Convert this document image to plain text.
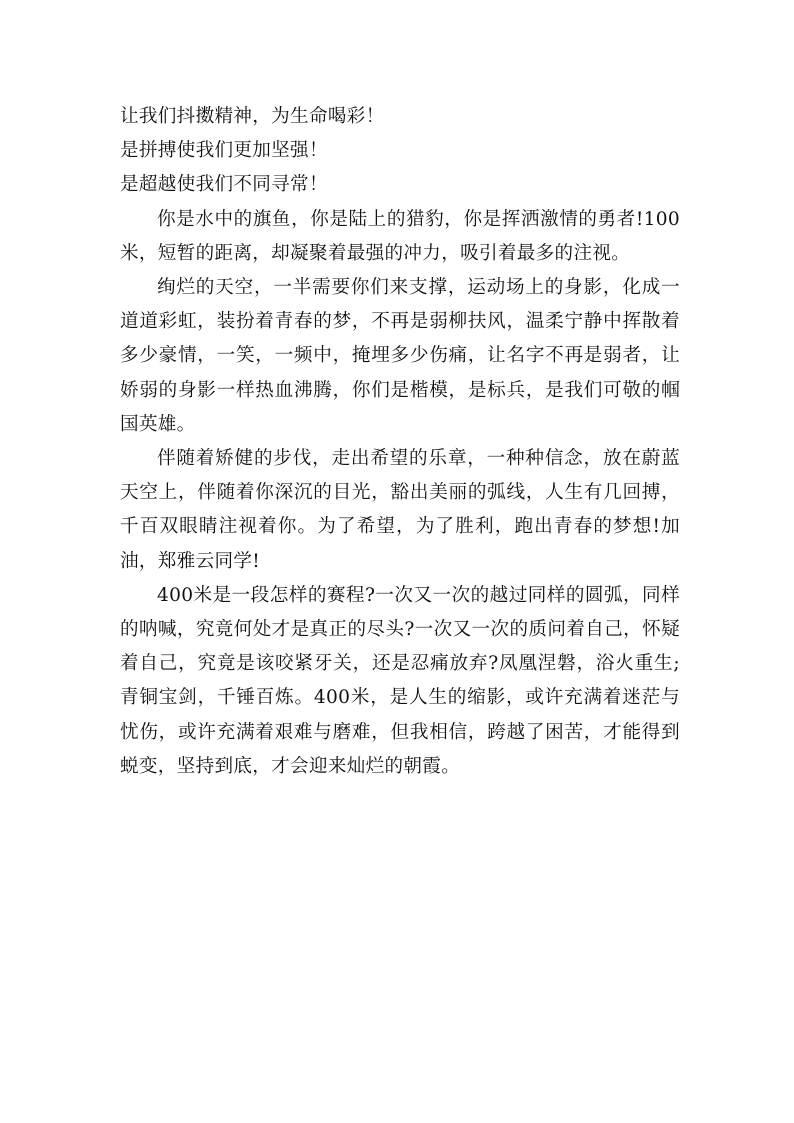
让我们抖擞精神，为生命喝彩！
是拼搏使我们更加坚强！
是超越使我们不同寻常！

你是水中的旗鱼，你是陆上的猎豹，你是挥洒激情的勇者!100米，短暂的距离，却凝聚着最强的冲力，吸引着最多的注视。

绚烂的天空，一半需要你们来支撑，运动场上的身影，化成一道道彩虹，装扮着青春的梦，不再是弱柳扶风，温柔宁静中挥散着多少豪情，一笑，一频中，掩埋多少伤痛，让名字不再是弱者，让娇弱的身影一样热血沸腾，你们是楷模，是标兵，是我们可敬的帼国英雄。

伴随着矫健的步伐，走出希望的乐章，一种种信念，放在蔚蓝天空上，伴随着你深沉的目光，豁出美丽的弧线，人生有几回搏，千百双眼睛注视着你。为了希望，为了胜利，跑出青春的梦想!加油，郑雅云同学!

400米是一段怎样的赛程?一次又一次的越过同样的圆弧，同样的呐喊，究竟何处才是真正的尽头?一次又一次的质问着自己，怀疑着自己，究竟是该咬紧牙关，还是忍痛放弃?凤凰涅磐，浴火重生;青铜宝剑，千锤百炼。400米，是人生的缩影，或许充满着迷茫与忧伤，或许充满着艰难与磨难，但我相信，跨越了困苦，才能得到蜕变，坚持到底，才会迎来灿烂的朝霞。
